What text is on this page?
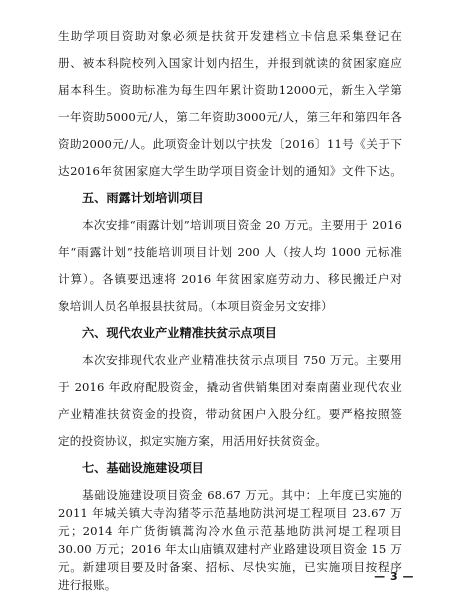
生助学项目资助对象必须是扶贫开发建档立卡信息采集登记在
册、被本科院校列入国家计划内招生，并报到就读的贫困家庭应
届本科生。资助标准为每生四年累计资助12000元，新生入学第
一年资助5000元/人，第二年资助3000元/人，第三年和第四年各
资助2000元/人。此项资金计划以宁扶发〔2016〕11号《关于下
达2016年贫困家庭大学生助学项目资金计划的通知》文件下达。
五、雨露计划培训项目
本次安排“雨露计划”培训项目资金 20 万元。主要用于 2016
年“雨露计划”技能培训项目计划 200 人（按人均 1000 元标准
计算）。各镇要迅速将 2016 年贫困家庭劳动力、移民搬迁户对
象培训人员名单报县扶贫局。（本项目资金另文安排）
六、现代农业产业精准扶贫示点项目
本次安排现代农业产业精准扶贫示点项目 750 万元。主要用
于 2016 年政府配股资金，撬动省供销集团对秦南菌业现代农业
产业精准扶贫资金的投资，带动贫困户入股分红。要严格按照签
定的投资协议，拟定实施方案，用活用好扶贫资金。
七、基础设施建设项目
基础设施建设项目资金 68.67 万元。其中：上年度已实施的
2011 年城关镇大寺沟猪苓示范基地防洪河堤工程项目 23.67 万
元；2014 年广货街镇蒿沟冷水鱼示范基地防洪河堤工程项目
30.00 万元；2016 年太山庙镇双建村产业路建设项目资金 15 万
元。新建项目要及时备案、招标、尽快实施，已实施项目按程序
进行报账。
— 3 —
